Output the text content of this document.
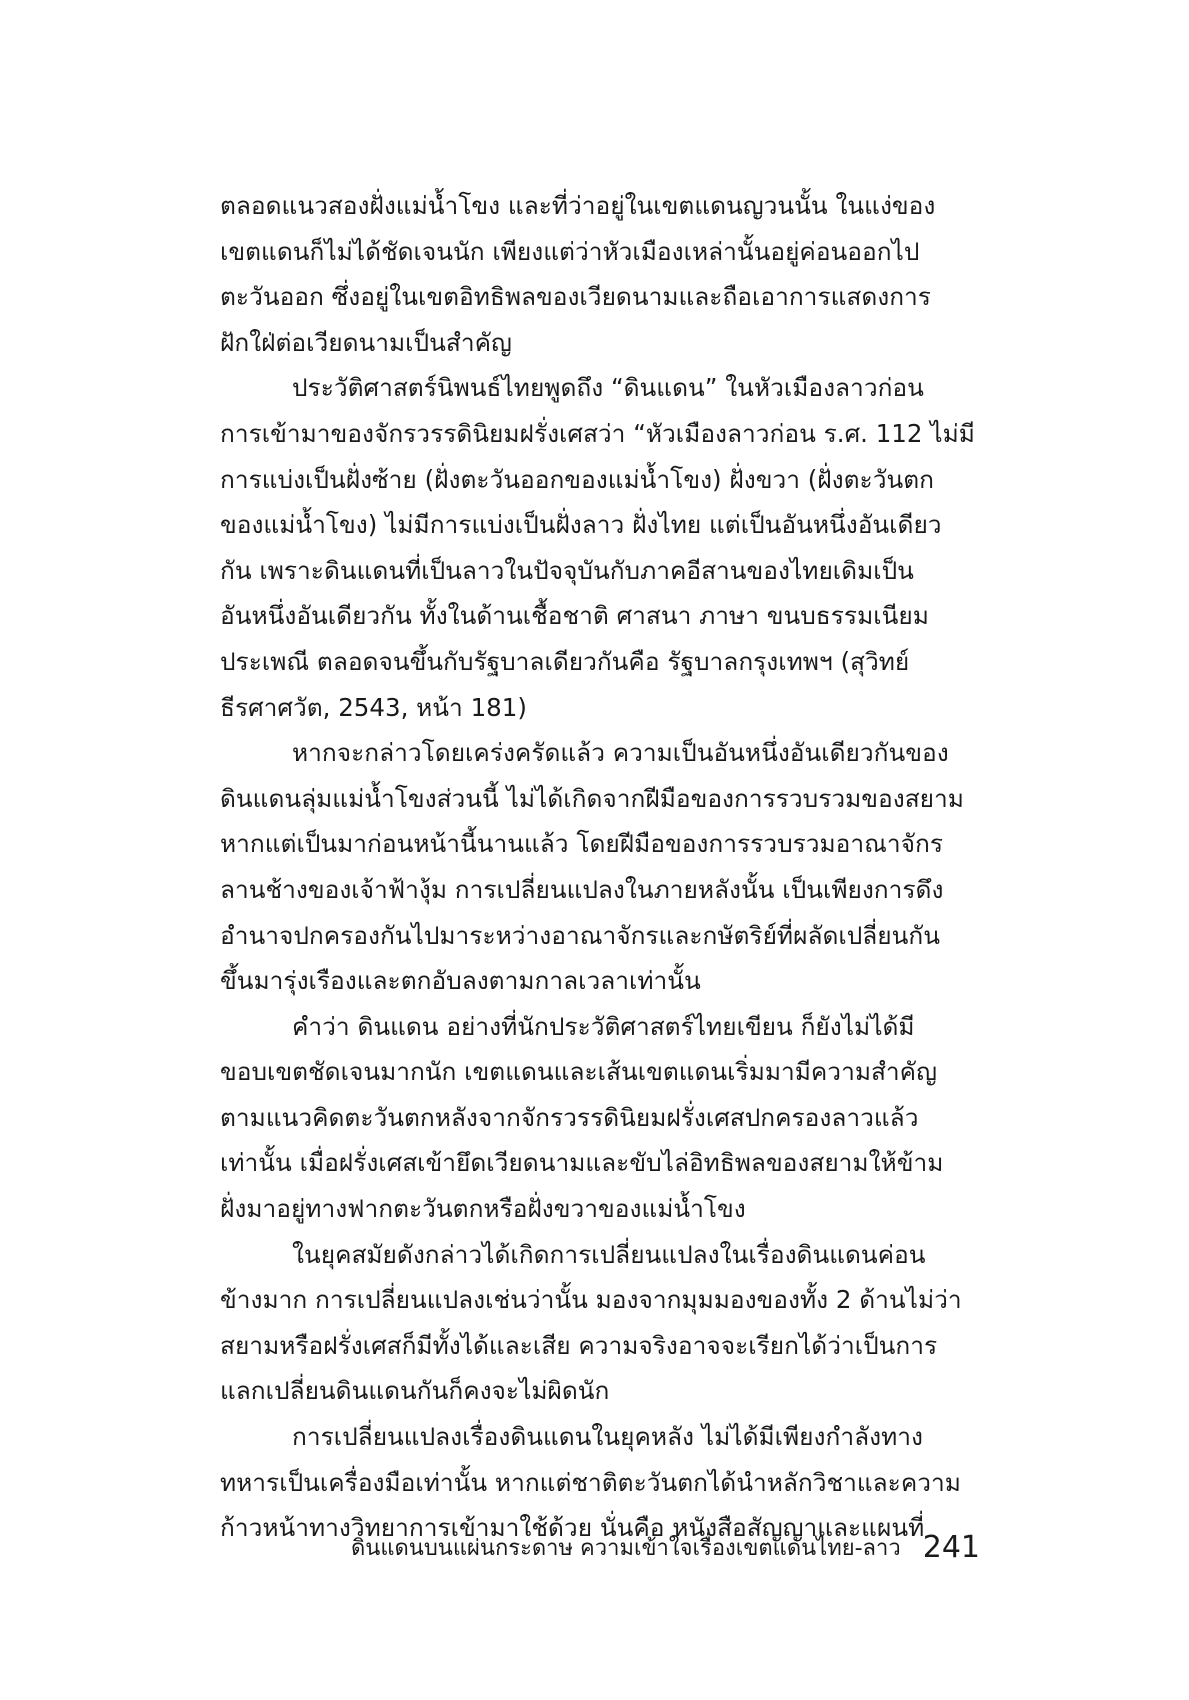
ตลอดแนวสองฝั่งแม่น้ำโขง และที่ว่าอยู่ในเขตแดนญวนนั้น ในแง่ของ
เขตแดนก็ไม่ได้ชัดเจนนัก เพียงแต่ว่าหัวเมืองเหล่านั้นอยู่ค่อนออกไป
ตะวันออก ซึ่งอยู่ในเขตอิทธิพลของเวียดนามและถือเอาการแสดงการ
ฝักใฝ่ต่อเวียดนามเป็นสำคัญ
ประวัติศาสตร์นิพนธ์ไทยพูดถึง “ดินแดน” ในหัวเมืองลาวก่อน
การเข้ามาของจักรวรรดินิยมฝรั่งเศสว่า “หัวเมืองลาวก่อน ร.ศ. 112 ไม่มี
การแบ่งเป็นฝั่งซ้าย (ฝั่งตะวันออกของแม่น้ำโขง) ฝั่งขวา (ฝั่งตะวันตก
ของแม่น้ำโขง) ไม่มีการแบ่งเป็นฝั่งลาว ฝั่งไทย แต่เป็นอันหนึ่งอันเดียว
กัน เพราะดินแดนที่เป็นลาวในปัจจุบันกับภาคอีสานของไทยเดิมเป็น
อันหนึ่งอันเดียวกัน ทั้งในด้านเชื้อชาติ ศาสนา ภาษา ขนบธรรมเนียม
ประเพณี ตลอดจนขึ้นกับรัฐบาลเดียวกันคือ รัฐบาลกรุงเทพฯ (สุวิทย์
ธีรศาศวัต, 2543, หน้า 181)
หากจะกล่าวโดยเคร่งครัดแล้ว ความเป็นอันหนึ่งอันเดียวกันของ
ดินแดนลุ่มแม่น้ำโขงส่วนนี้ ไม่ได้เกิดจากฝีมือของการรวบรวมของสยาม
หากแต่เป็นมาก่อนหน้านี้นานแล้ว โดยฝีมือของการรวบรวมอาณาจักร
ลานช้างของเจ้าฟ้างุ้ม การเปลี่ยนแปลงในภายหลังนั้น เป็นเพียงการดึง
อำนาจปกครองกันไปมาระหว่างอาณาจักรและกษัตริย์ที่ผลัดเปลี่ยนกัน
ขึ้นมารุ่งเรืองและตกอับลงตามกาลเวลาเท่านั้น
คำว่า ดินแดน อย่างที่นักประวัติศาสตร์ไทยเขียน ก็ยังไม่ได้มี
ขอบเขตชัดเจนมากนัก เขตแดนและเส้นเขตแดนเริ่มมามีความสำคัญ
ตามแนวคิดตะวันตกหลังจากจักรวรรดินิยมฝรั่งเศสปกครองลาวแล้ว
เท่านั้น เมื่อฝรั่งเศสเข้ายึดเวียดนามและขับไล่อิทธิพลของสยามให้ข้าม
ฝั่งมาอยู่ทางฟากตะวันตกหรือฝั่งขวาของแม่น้ำโขง
ในยุคสมัยดังกล่าวได้เกิดการเปลี่ยนแปลงในเรื่องดินแดนค่อน
ข้างมาก การเปลี่ยนแปลงเช่นว่านั้น มองจากมุมมองของทั้ง 2 ด้านไม่ว่า
สยามหรือฝรั่งเศสก็มีทั้งได้และเสีย ความจริงอาจจะเรียกได้ว่าเป็นการ
แลกเปลี่ยนดินแดนกันก็คงจะไม่ผิดนัก
การเปลี่ยนแปลงเรื่องดินแดนในยุคหลัง ไม่ได้มีเพียงกำลังทาง
ทหารเป็นเครื่องมือเท่านั้น หากแต่ชาติตะวันตกได้นำหลักวิชาและความ
ก้าวหน้าทางวิทยาการเข้ามาใช้ด้วย นั่นคือ หนังสือสัญญาและแผนที่
ดินแดนบนแผ่นกระดาษ ความเข้าใจเรื่องเขตแดนไทย-ลาว 241
